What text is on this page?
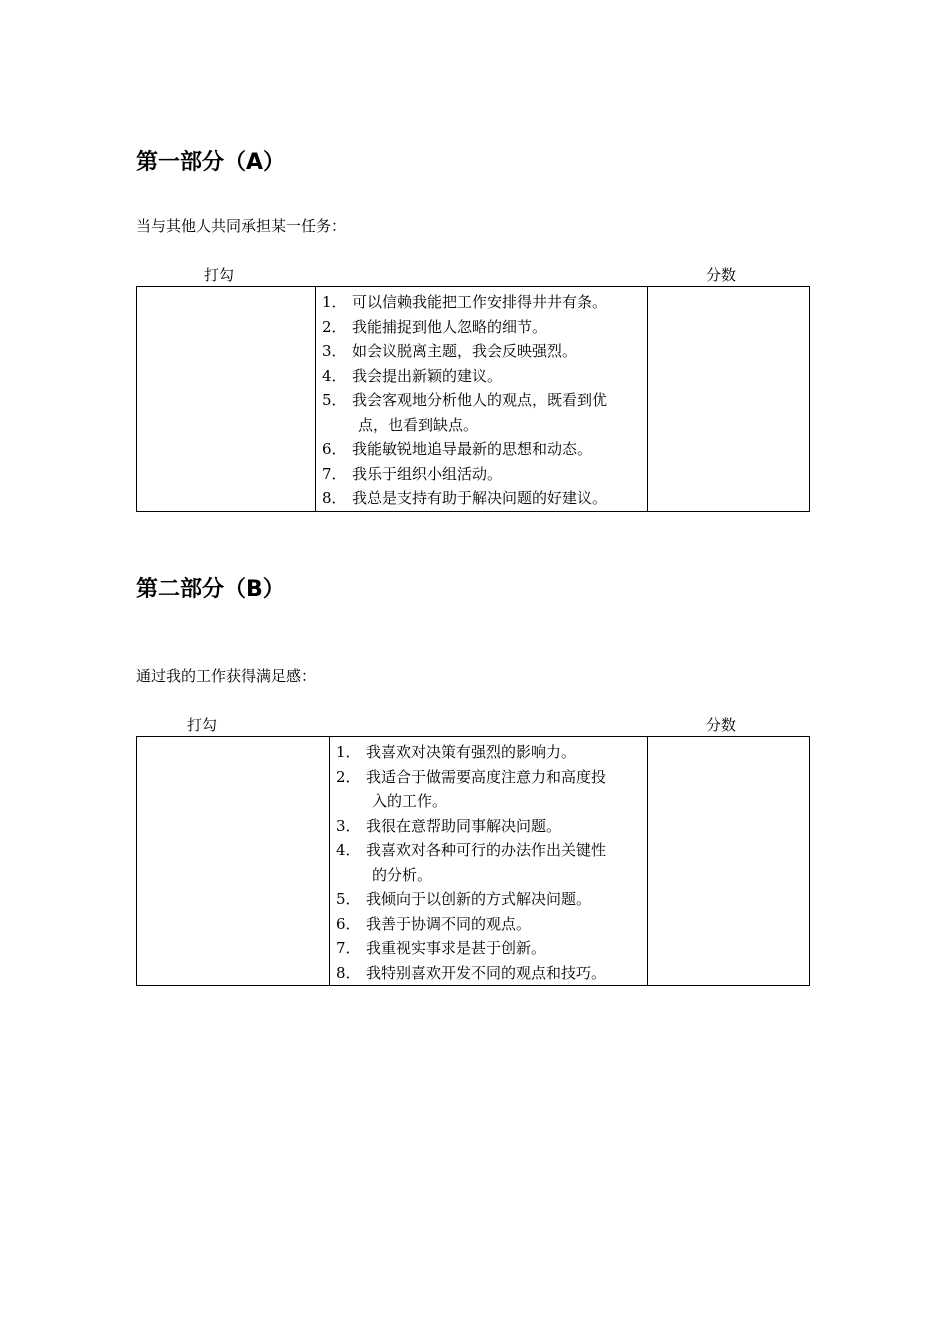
第一部分（A）
当与其他人共同承担某一任务：
打勾	分数

1． 可以信赖我能把工作安排得井井有条。
2． 我能捕捉到他人忽略的细节。
3． 如会议脱离主题，我会反映强烈。
4． 我会提出新颖的建议。
5． 我会客观地分析他人的观点，既看到优
点，也看到缺点。
6． 我能敏锐地追导最新的思想和动态。
7． 我乐于组织小组活动。
8． 我总是支持有助于解决问题的好建议。

第二部分（B）
通过我的工作获得满足感：
打勾	分数

1． 我喜欢对决策有强烈的影响力。
2． 我适合于做需要高度注意力和高度投
入的工作。
3． 我很在意帮助同事解决问题。
4． 我喜欢对各种可行的办法作出关键性
的分析。
5． 我倾向于以创新的方式解决问题。
6． 我善于协调不同的观点。
7． 我重视实事求是甚于创新。
8． 我特别喜欢开发不同的观点和技巧。
